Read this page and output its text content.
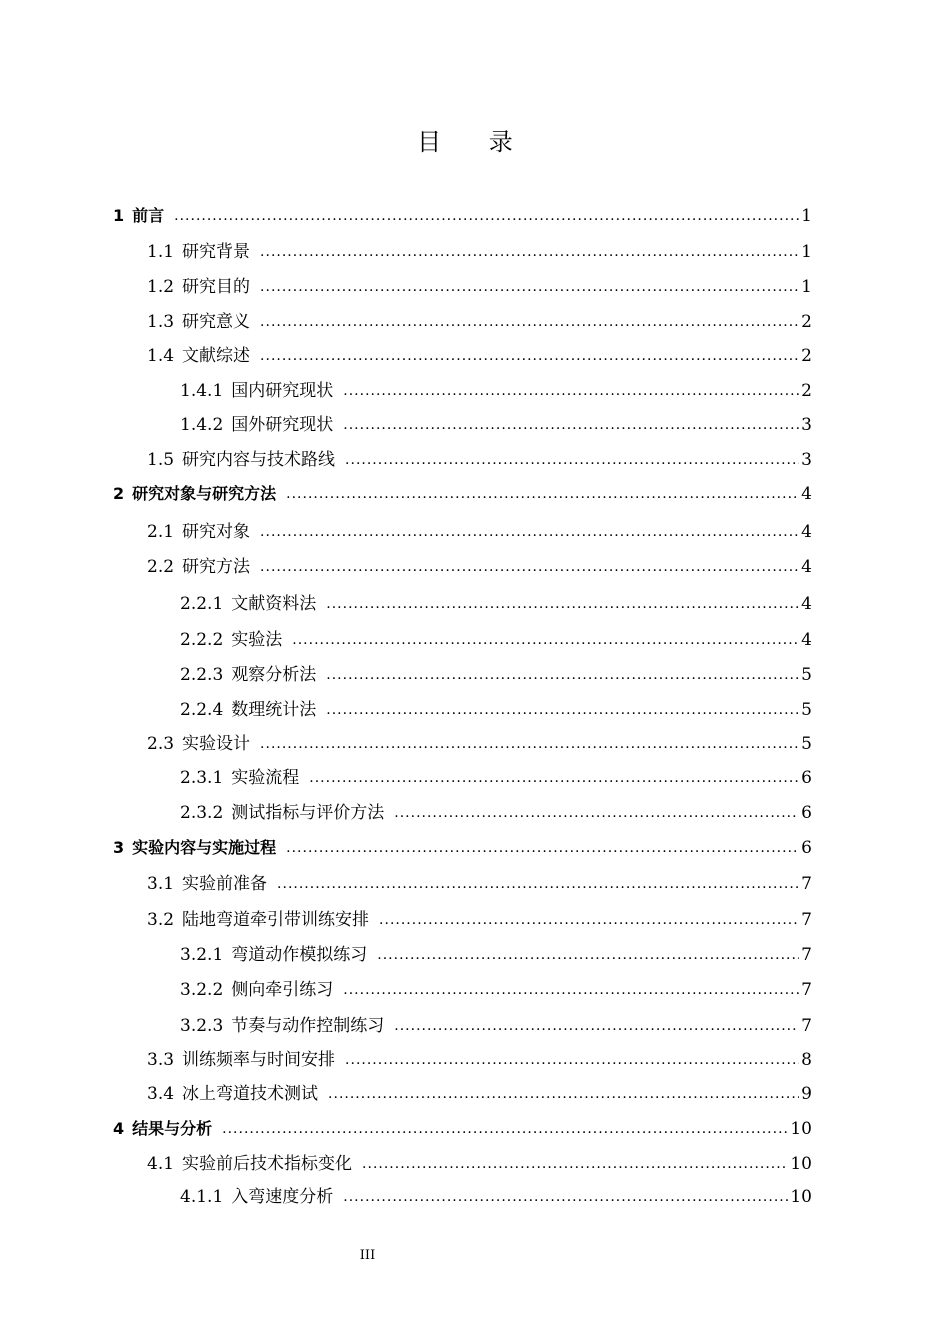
目 录
1 前言 ·····	1
1.1 研究背景 ·····	1
1.2 研究目的 ·····	1
1.3 研究意义 ·····	2
1.4 文献综述 ·····	2
1.4.1 国内研究现状 ·····	2
1.4.2 国外研究现状 ·····	3
1.5 研究内容与技术路线 ·····	3
2 研究对象与研究方法 ·····	4
2.1 研究对象 ·····	4
2.2 研究方法 ·····	4
2.2.1 文献资料法 ·····	4
2.2.2 实验法 ·····	4
2.2.3 观察分析法 ·····	5
2.2.4 数理统计法 ·····	5
2.3 实验设计 ·····	5
2.3.1 实验流程 ·····	6
2.3.2 测试指标与评价方法 ·····	6
3 实验内容与实施过程 ·····	6
3.1 实验前准备 ·····	7
3.2 陆地弯道牵引带训练安排 ·····	7
3.2.1 弯道动作模拟练习 ·····	7
3.2.2 侧向牵引练习 ·····	7
3.2.3 节奏与动作控制练习 ·····	7
3.3 训练频率与时间安排 ·····	8
3.4 冰上弯道技术测试 ·····	9
4 结果与分析 ·····	10
4.1 实验前后技术指标变化 ·····	10
4.1.1 入弯速度分析 ·····	10
III
